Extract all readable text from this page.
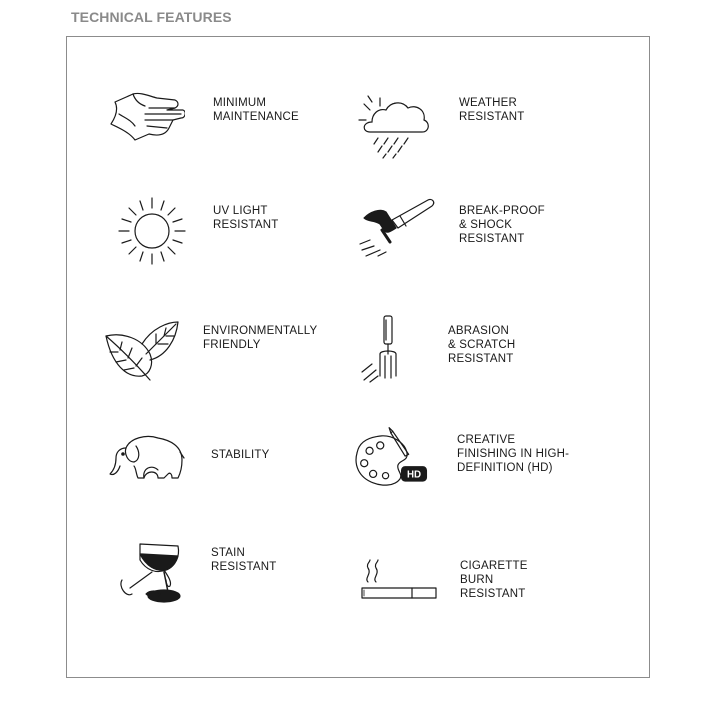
TECHNICAL FEATURES
MINIMUM
MAINTENANCE
WEATHER
RESISTANT
UV LIGHT
RESISTANT
BREAK-PROOF
& SHOCK
RESISTANT
ENVIRONMENTALLY
FRIENDLY
ABRASION
& SCRATCH
RESISTANT
STABILITY
HD
CREATIVE
FINISHING IN HIGH-
DEFINITION (HD)
STAIN
RESISTANT	CIGARETTE
BURN
RESISTANT
